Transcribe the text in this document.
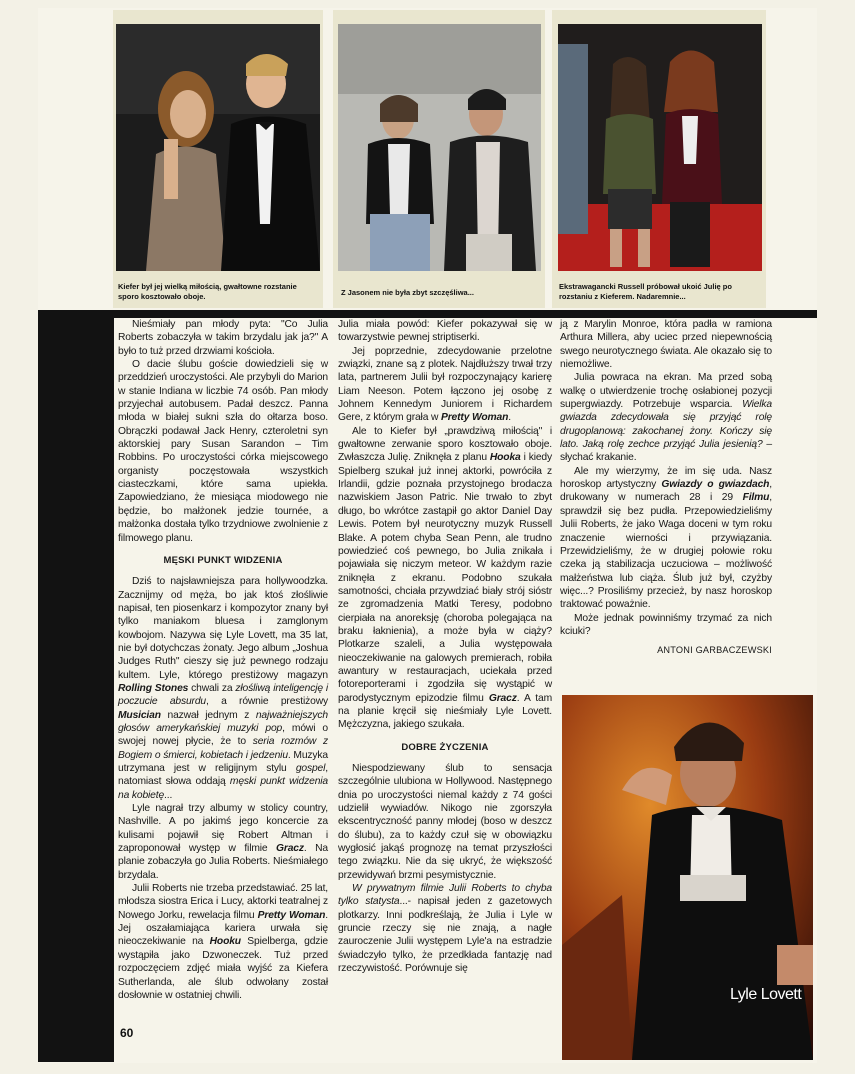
Kiefer był jej wielką miłością, gwałtowne rozstanie sporo kosztowało oboje.	Z Jasonem nie była zbyt szczęśliwa...
Ekstrawagancki Russell próbował ukoić Julię po rozstaniu z Kieferem. Nadaremnie...

Nieśmiały pan młody pyta: "Co Julia Roberts zobaczyła w takim brzydalu jak ja?" A było to tuż przed drzwiami kościoła.

O dacie ślubu goście dowiedzieli się w przeddzień uroczystości. Ale przybyli do Marion w stanie Indiana w liczbie 74 osób. Pan młody przyjechał autobusem. Padał deszcz. Panna młoda w białej sukni szła do ołtarza boso. Obrączki podawał Jack Henry, czteroletni syn aktorskiej pary Susan Sarandon – Tim Robbins. Po uroczystości córka miejscowego organisty poczęstowała wszystkich ciasteczkami, które sama upiekła. Zapowiedziano, że miesiąca miodowego nie będzie, bo małżonek jedzie tournée, a małżonka dostała tylko trzydniowe zwolnienie z filmowego planu.

MĘSKI PUNKT WIDZENIA

Dziś to najsławniejsza para hollywoodzka. Zacznijmy od męża, bo jak ktoś złośliwie napisał, ten piosenkarz i kompozytor znany był tylko maniakom bluesa i zamglonym kowbojom. Nazywa się Lyle Lovett, ma 35 lat, nie był dotychczas żonaty. Jego album „Joshua Judges Ruth" cieszy się już pewnego rodzaju kultem. Lyle, którego prestiżowy magazyn Rolling Stones chwali za złośliwą inteligencję i poczucie absurdu, a równie prestiżowy Musician nazwał jednym z najważniejszych głosów amerykańskiej muzyki pop, mówi o swojej nowej płycie, że to seria rozmów z Bogiem o śmierci, kobietach i jedzeniu. Muzyka utrzymana jest w religijnym stylu gospel, natomiast słowa oddają męski punkt widzenia na kobietę...

Lyle nagrał trzy albumy w stolicy country, Nashville. A po jakimś jego koncercie za kulisami pojawił się Robert Altman i zaproponował występ w filmie Gracz. Na planie zobaczyła go Julia Roberts. Nieśmiałego brzydala.

Julii Roberts nie trzeba przedstawiać. 25 lat, młodsza siostra Erica i Lucy, aktorki teatralnej z Nowego Jorku, rewelacja filmu Pretty Woman. Jej oszałamiająca kariera urwała się nieoczekiwanie na Hooku Spielberga, gdzie wystąpiła jako Dzwoneczek. Tuż przed rozpoczęciem zdjęć miała wyjść za Kiefera Sutherlanda, ale ślub odwołany został dosłownie w ostatniej chwili.

Julia miała powód: Kiefer pokazywał się w towarzystwie pewnej striptiserki.

Jej poprzednie, zdecydowanie przelotne związki, znane są z plotek. Najdłuższy trwał trzy lata, partnerem Julii był rozpoczynający karierę Liam Neeson. Potem łączono jej osobę z Johnem Kennedym Juniorem i Richardem Gere, z którym grała w Pretty Woman.

Ale to Kiefer był „prawdziwą miłością" i gwałtowne zerwanie sporo kosztowało oboje. Zwłaszcza Julię. Zniknęła z planu Hooka i kiedy Spielberg szukał już innej aktorki, powróciła z Irlandii, gdzie poznała przystojnego brodacza nazwiskiem Jason Patric. Nie trwało to zbyt długo, bo wkrótce zastąpił go aktor Daniel Day Lewis. Potem był neurotyczny muzyk Russell Blake. A potem chyba Sean Penn, ale trudno powiedzieć coś pewnego, bo Julia znikała i pojawiała się niczym meteor. W każdym razie zniknęła z ekranu. Podobno szukała samotności, chciała przywdziać biały strój sióstr ze zgromadzenia Matki Teresy, podobno cierpiała na anoreksję (choroba polegająca na braku łaknienia), a może była w ciąży? Plotkarze szaleli, a Julia występowała nieoczekiwanie na galowych premierach, robiła awantury w restauracjach, uciekała przed fotoreporterami i zgodziła się wystąpić w parodystycznym epizodzie filmu Gracz. A tam na planie kręcił się nieśmiały Lyle Lovett. Mężczyzna, jakiego szukała.

DOBRE ŻYCZENIA

Niespodziewany ślub to sensacja szczególnie ulubiona w Hollywood. Następnego dnia po uroczystości niemal każdy z 74 gości udzielił wywiadów. Nikogo nie zgorszyła ekscentryczność panny młodej (boso w deszcz do ślubu), za to każdy czuł się w obowiązku wygłosić jakąś prognozę na temat przyszłości tego związku. Nie da się ukryć, że większość przewidywań brzmi pesymistycznie.

W prywatnym filmie Julii Roberts to chyba tylko statysta...- napisał jeden z gazetowych plotkarzy. Inni podkreślają, że Julia i Lyle w gruncie rzeczy się nie znają, a nagłe zauroczenie Julii występem Lyle'a na estradzie świadczyło tylko, że przedkłada fantazję nad rzeczywistość. Porównuje się

ją z Marylin Monroe, która padła w ramiona Arthura Millera, aby uciec przed niepewnością swego neurotycznego świata. Ale okazało się to niemożliwe.

Julia powraca na ekran. Ma przed sobą walkę o utwierdzenie trochę osłabionej pozycji supergwiazdy. Potrzebuje wsparcia. Wielka gwiazda zdecydowała się przyjąć rolę drugoplanową: zakochanej żony. Kończy się lato. Jaką rolę zechce przyjąć Julia jesienią? – słychać krakanie.

Ale my wierzymy, że im się uda. Nasz horoskop artystyczny Gwiazdy o gwiazdach, drukowany w numerach 28 i 29 Filmu, sprawdził się bez pudła. Przepowiedzieliśmy Julii Roberts, że jako Waga doceni w tym roku znaczenie wierności i przywiązania. Przewidzieliśmy, że w drugiej połowie roku czeka ją stabilizacja uczuciowa – możliwość małżeństwa lub ciąża. Ślub już był, czyżby więc...? Prosiliśmy przecież, by nasz horoskop traktować poważnie.

Może jednak powinniśmy trzymać za nich kciuki?

ANTONI GARBACZEWSKI
Lyle Lovett
60
